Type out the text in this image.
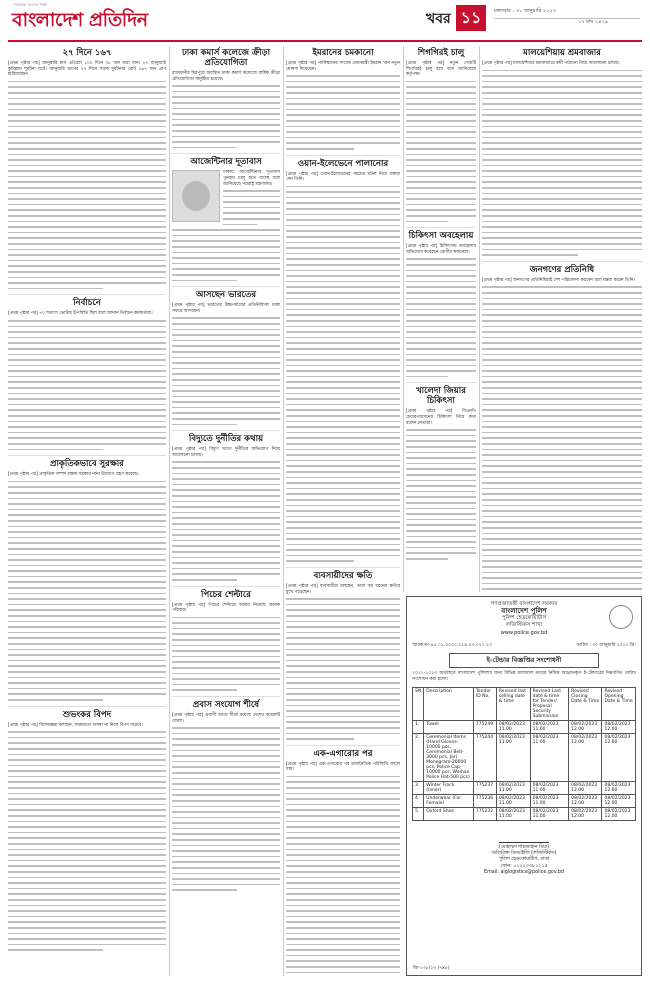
সবসময় সত্যের পক্ষে
বাংলাদেশ প্রতিদিন	খবর ১১	মঙ্গলবার : ৩১ জানুয়ারি ২০২৩
১৭ মাঘ ১৪২৯
২৭ দিনে ১৬৭

[প্রথম পৃষ্ঠার পর] জানুয়ারি মাস এপ্রিলে ১০০ দিনে ৩৮ জন মারা যান। ২৭ জানুয়ারি কুমিল্লায় দুর্ঘটনা ঘটে। জানুয়ারি মাসের ২৭ দিনে সড়ক দুর্ঘটনায় মোট ১৬৭ জন প্রাণ হারিয়েছেন।

নির্বাচনে

[প্রথম পৃষ্ঠার পর] ৭০ শতাংশ ভোটার উপস্থিতি ছিল বলে জানান নির্বাচন কর্মকর্তারা।

প্রাকৃতিকভাবে সুরক্ষার

[প্রথম পৃষ্ঠার পর] প্রাকৃতিক সম্পদ রক্ষায় সরকার নানা উদ্যোগ গ্রহণ করেছে।

শুভংকর বিপদ

[প্রথম পৃষ্ঠার পর] বিশেষজ্ঞরা বলছেন, সময়মতো ব্যবস্থা না নিলে বিপদ বাড়বে।

ঢাকা কমার্স কলেজে ক্রীড়া প্রতিযোগিতা

রাজধানীর মিরপুরে অবস্থিত ঢাকা কমার্স কলেজে বার্ষিক ক্রীড়া প্রতিযোগিতা অনুষ্ঠিত হয়েছে।

আজেন্টিনার দূতাবাস

ঢাকায় আর্জেন্টিনার দূতাবাস পুনরায় চালু হতে যাচ্ছে বলে জানিয়েছে পররাষ্ট্র মন্ত্রণালয়।

আসছেন ভারতের

[প্রথম পৃষ্ঠার পর] ভারতের উচ্চপর্যায়ের প্রতিনিধিদল ঢাকা সফরে আসছেন।

বিদ্যুতে দুর্নীতির কথায়

[প্রথম পৃষ্ঠার পর] বিদ্যুৎ খাতে দুর্নীতির অভিযোগ নিয়ে আলোচনা চলছে।

পিচের শেল্টারে

[প্রথম পৃষ্ঠার পর] পিচের শেল্টারে আশ্রয় নিয়েছে অনেক পরিবার।

প্রবাস সংযোগ শীর্ষে

[প্রথম পৃষ্ঠার পর] প্রবাসী আয়ে শীর্ষে রয়েছে দেশের কয়েকটি জেলা।

ইমরানের চমকানো

[প্রথম পৃষ্ঠার পর] পাকিস্তানের সাবেক প্রধানমন্ত্রী ইমরান খান নতুন ঘোষণা দিয়েছেন।

ওয়ান-ইলেভেনে পালানোর

[প্রথম পৃষ্ঠার পর] ওয়ান-ইলেভেনের সময়ের ঘটনা নিয়ে বক্তব্য দেন তিনি।

ব্যবসায়ীদের ক্ষতি

[প্রথম পৃষ্ঠার পর] ব্যবসায়ীরা বলছেন, তারা বড় ধরনের ক্ষতির মুখে পড়েছেন।

এক-এগারোর পর

[প্রথম পৃষ্ঠার পর] এক-এগারোর পর রাজনৈতিক পরিস্থিতি বদলে যায়।

শিগগিরই চালু

[প্রথম পৃষ্ঠার পর] নতুন সেবাটি শিগগিরই চালু হবে বলে জানিয়েছে কর্তৃপক্ষ।

চিকিৎসা অবহেলায়

[প্রথম পৃষ্ঠার পর] চিকিৎসায় অবহেলার অভিযোগ করেছেন রোগীর স্বজনেরা।

খালেদা জিয়ার চিকিৎসা

[প্রথম পৃষ্ঠার পর] বিএনপি চেয়ারপারসনের চিকিৎসা নিয়ে কথা বলেন নেতারা।

মালয়েশিয়ায় শ্রমবাজার

[প্রথম পৃষ্ঠার পর] মালয়েশিয়ার শ্রমবাজারে কর্মী পাঠানো নিয়ে আলোচনা চলছে।

জনগণের প্রতিনিধি

[প্রথম পৃষ্ঠার পর] জনগণের প্রতিনিধিরাই দেশ পরিচালনা করবেন বলে মন্তব্য করেন তিনি।

গণপ্রজাতন্ত্রী বাংলাদেশ সরকার
বাংলাদেশ পুলিশ
পুলিশ হেডকোয়ার্টার্স
লজিস্টিকস শাখা
www.police.gov.bd
স্মারক নং-৪৪.০১.০০০০.০১৯.০৭.০২২.২৩	তারিখ : ৩০ জানুয়ারি ২০২৩ খ্রি:
ই-টেন্ডার বিজ্ঞপ্তির সংশোধনী

২০২২-২০২৩ অর্থবছরে বাংলাদেশ পুলিশের জন্য বিভিন্ন মালামাল ক্রয়ের নিমিত্ত আহ্বানকৃত ই-টেন্ডারের নিম্নবর্ণিত তারিখ সংশোধন করা হলো।

SN	Description	Tender ID No.	Revised last selling date & time	Revised Last date & time for Tender/ Proposal Security Submission	Revised Closing Date & Time	Revised Opening Date & Time
1.	Towel	775249	08/02/2023 11.00	08/02/2023 11.00	08/02/2023 12.00	08/02/2023 12.00
2.	Ceremonial Items (Hand Gloves-10000 pcs, Ceremonial Belt-3000 pcs, Jari Monogram-20000 pcs, Police Cap-10000 pcs, Woman Police Hat-500 pcs)	775244	08/02/2023 11.00	08/02/2023 11.00	08/02/2023 12.00	08/02/2023 12.00
3.	Winter Frock (Inner)	775237	08/02/2023 11.00	08/02/2023 11.00	08/02/2023 12.00	08/02/2023 12.00
4.	Underwear (For Female)	775236	08/02/2023 11.00	08/02/2023 11.00	08/02/2023 12.00	08/02/2023 12.00
5.	Oxford Shoe	775232	08/02/2023 11.00	08/02/2023 11.00	08/02/2023 12.00	08/02/2023 12.00
(মোহাম্মদ শাহজাহান মিয়া)
অতিরিক্ত ডিআইজি (লজিস্টিকস)
পুলিশ হেডকোয়ার্টার্স, ঢাকা
ফোন: ০২২২৩৩৮১২১৫
Email: aiglogistics@police.gov.bd
জি-১৩৮/২৩ (৭x৫)
